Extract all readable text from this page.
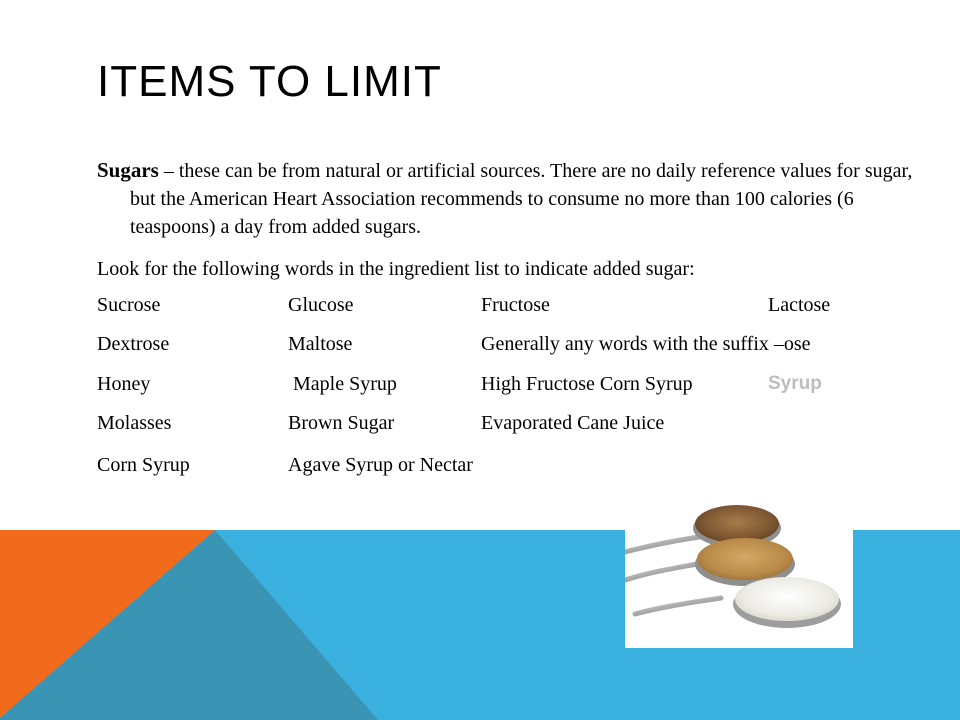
ITEMS TO LIMIT
Sugars – these can be from natural or artificial sources. There are no daily reference values for sugar, but the American Heart Association recommends to consume no more than 100 calories (6 teaspoons) a day from added sugars.
Look for the following words in the ingredient list to indicate added sugar:
Sucrose	Glucose	Fructose	Lactose
Dextrose	Maltose	Generally any words with the suffix –ose
Honey	Maple Syrup	High Fructose Corn Syrup	Syrup
Molasses	Brown Sugar	Evaporated Cane Juice
Corn Syrup	Agave Syrup or Nectar
